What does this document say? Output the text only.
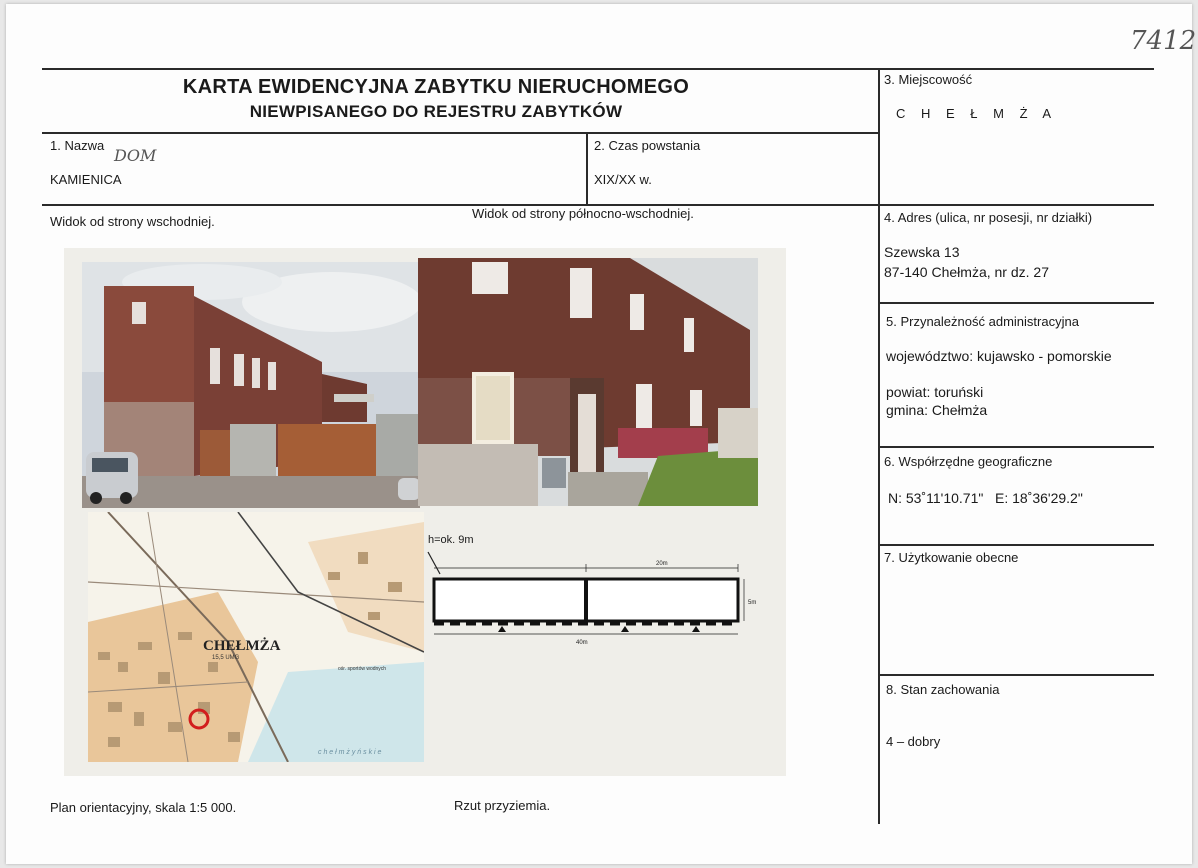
7412
KARTA EWIDENCYJNA ZABYTKU NIERUCHOMEGO
NIEWPISANEGO DO REJESTRU ZABYTKÓW
1. Nazwa
DOM
KAMIENICA
2. Czas powstania
XIX/XX w.
3. Miejscowość
C H E Ł M Ż A
4. Adres (ulica, nr posesji, nr działki)
Szewska 13
87-140 Chełmża, nr dz. 27
5. Przynależność administracyjna
województwo: kujawsko - pomorskie
powiat: toruński
gmina: Chełmża
6. Współrzędne geograficzne
N: 53˚11'10.71"   E: 18˚36'29.2"
7. Użytkowanie obecne
8. Stan zachowania
4 – dobry
Widok od strony wschodniej.
Widok od strony północno-wschodniej.
CHEŁMŻA
15,5 UMG
ośr. sportów wodnych
c h e ł m ż y ń s k i e
h=ok. 9m
20m
40m
5m
Plan orientacyjny, skala 1:5 000.	Rzut przyziemia.
